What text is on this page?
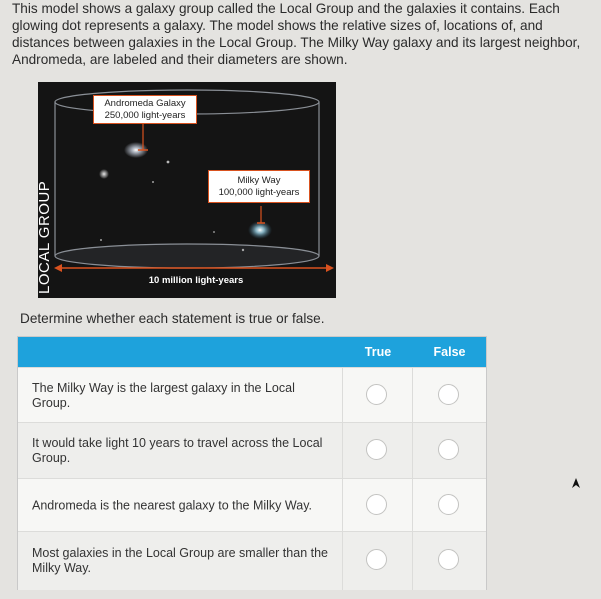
This model shows a galaxy group called the Local Group and the galaxies it contains. Each glowing dot represents a galaxy. The model shows the relative sizes of, locations of, and distances between galaxies in the Local Group. The Milky Way galaxy and its largest neighbor, Andromeda, are labeled and their diameters are shown.
LOCAL GROUP
Andromeda Galaxy
250,000 light-years
Milky Way
100,000 light-years
10 million light-years
Determine whether each statement is true or false.
True	False
The Milky Way is the largest galaxy in the Local Group.
It would take light 10 years to travel across the Local Group.
Andromeda is the nearest galaxy to the Milky Way.
Most galaxies in the Local Group are smaller than the Milky Way.
